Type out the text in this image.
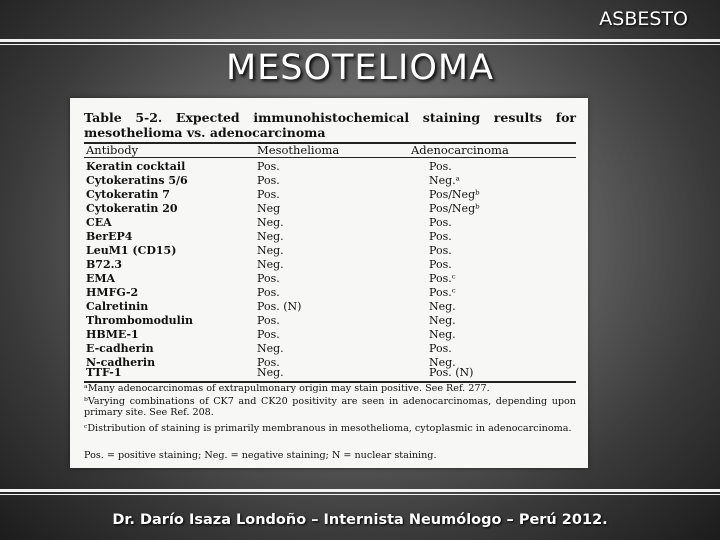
ASBESTO
MESOTELIOMA
Table 5-2. Expected immunohistochemical staining results for mesothelioma vs. adenocarcinoma
Antibody	Mesothelioma	Adenocarcinoma
Keratin cocktail	Pos.	Pos.
Cytokeratins 5/6	Pos.	Neg.ᵃ
Cytokeratin 7	Pos.	Pos/Negᵇ
Cytokeratin 20	Neg	Pos/Negᵇ
CEA	Neg.	Pos.
BerEP4	Neg.	Pos.
LeuM1 (CD15)	Neg.	Pos.
B72.3	Neg.	Pos.
EMA	Pos.	Pos.ᶜ
HMFG-2	Pos.	Pos.ᶜ
Calretinin	Pos. (N)	Neg.
Thrombomodulin	Pos.	Neg.
HBME-1	Pos.	Neg.
E-cadherin	Neg.	Pos.
N-cadherin	Pos.	Neg.
TTF-1	Neg.	Pos. (N)
ᵃMany adenocarcinomas of extrapulmonary origin may stain positive. See Ref. 277.
ᵇVarying combinations of CK7 and CK20 positivity are seen in adenocarcinomas, depending upon primary site. See Ref. 208.
ᶜDistribution of staining is primarily membranous in mesothelioma, cytoplasmic in adenocarcinoma.
Pos. = positive staining; Neg. = negative staining; N = nuclear staining.
Dr. Darío Isaza Londoño – Internista Neumólogo – Perú 2012.
